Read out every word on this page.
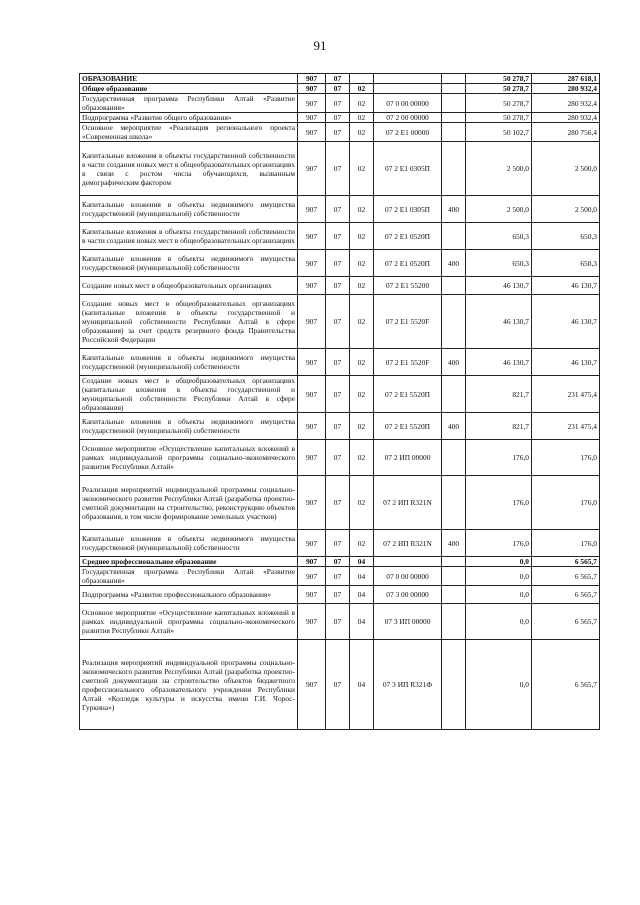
91
ОБРАЗОВАНИЕ	907	07				50 278,7	287 618,1
Общее образование	907	07	02			50 278,7	280 932,4
Государственная программа Республики Алтай «Развитие образования»	907	07	02	07 0 00 00000		50 278,7	280 932,4
Подпрограмма «Развитие общего образования»	907	07	02	07 2 00 00000		50 278,7	280 932,4
Основное мероприятие «Реализация регионального проекта «Современная школа»	907	07	02	07 2 E1 00000		50 102,7	280 756,4
Капитальные вложения в объекты государственной собственности в части создания новых мест в общеобразовательных организациях в связи с ростом числа обучающихся, вызванным демографическим фактором	907	07	02	07 2 E1 0305П		2 500,0	2 500,0
Капитальные вложения в объекты недвижимого имущества государственной (муниципальной) собственности	907	07	02	07 2 E1 0305П	400	2 500,0	2 500,0
Капитальные вложения в объекты государственной собственности в части создания новых мест в общеобразовательных организациях	907	07	02	07 2 E1 0520П		650,3	650,3
Капитальные вложения в объекты недвижимого имущества государственной (муниципальной) собственности	907	07	02	07 2 E1 0520П	400	650,3	650,3
Создание новых мест в общеобразовательных организациях	907	07	02	07 2 E1 55200		46 130,7	46 130,7
Создание новых мест в общеобразовательных организациях (капитальные вложения в объекты государственной и муниципальной собственности Республики Алтай в сфере образования) за счет средств резервного фонда Правительства Российской Федерации	907	07	02	07 2 E1 5520F		46 130,7	46 130,7
Капитальные вложения в объекты недвижимого имущества государственной (муниципальной) собственности	907	07	02	07 2 E1 5520F	400	46 130,7	46 130,7
Создание новых мест в общеобразовательных организациях (капитальные вложения в объекты государственной и муниципальной собственности Республики Алтай в сфере образования)	907	07	02	07 2 E1 5520П		821,7	231 475,4
Капитальные вложения в объекты недвижимого имущества государственной (муниципальной) собственности	907	07	02	07 2 E1 5520П	400	821,7	231 475,4
Основное мероприятие «Осуществление капитальных вложений в рамках индивидуальной программы социально-экономического развития Республики Алтай»	907	07	02	07 2 ИП 00000		176,0	176,0
Реализация мероприятий индивидуальной программы социально-экономического развития Республики Алтай (разработка проектно-сметной документации на строительство, реконструкцию объектов образования, в том числе формирование земельных участков)	907	07	02	07 2 ИП R321N		176,0	176,0
Капитальные вложения в объекты недвижимого имущества государственной (муниципальной) собственности	907	07	02	07 2 ИП R321N	400	176,0	176,0
Среднее профессиональное образование	907	07	04			0,0	6 565,7
Государственная программа Республики Алтай «Развитие образования»	907	07	04	07 0 00 00000		0,0	6 565,7
Подпрограмма «Развитие профессионального образования»	907	07	04	07 3 00 00000		0,0	6 565,7
Основное мероприятие «Осуществление капитальных вложений в рамках индивидуальной программы социально-экономического развития Республики Алтай»	907	07	04	07 3 ИП 00000		0,0	6 565,7
Реализация мероприятий индивидуальной программы социально-экономического развития Республики Алтай (разработка проектно-сметной документации на строительство объектов бюджетного профессионального образовательного учреждения Республики Алтай «Колледж культуры и искусства имени Г.И. Чорос-Гуркина»)	907	07	04	07 3 ИП R321Ф		0,0	6 565,7
